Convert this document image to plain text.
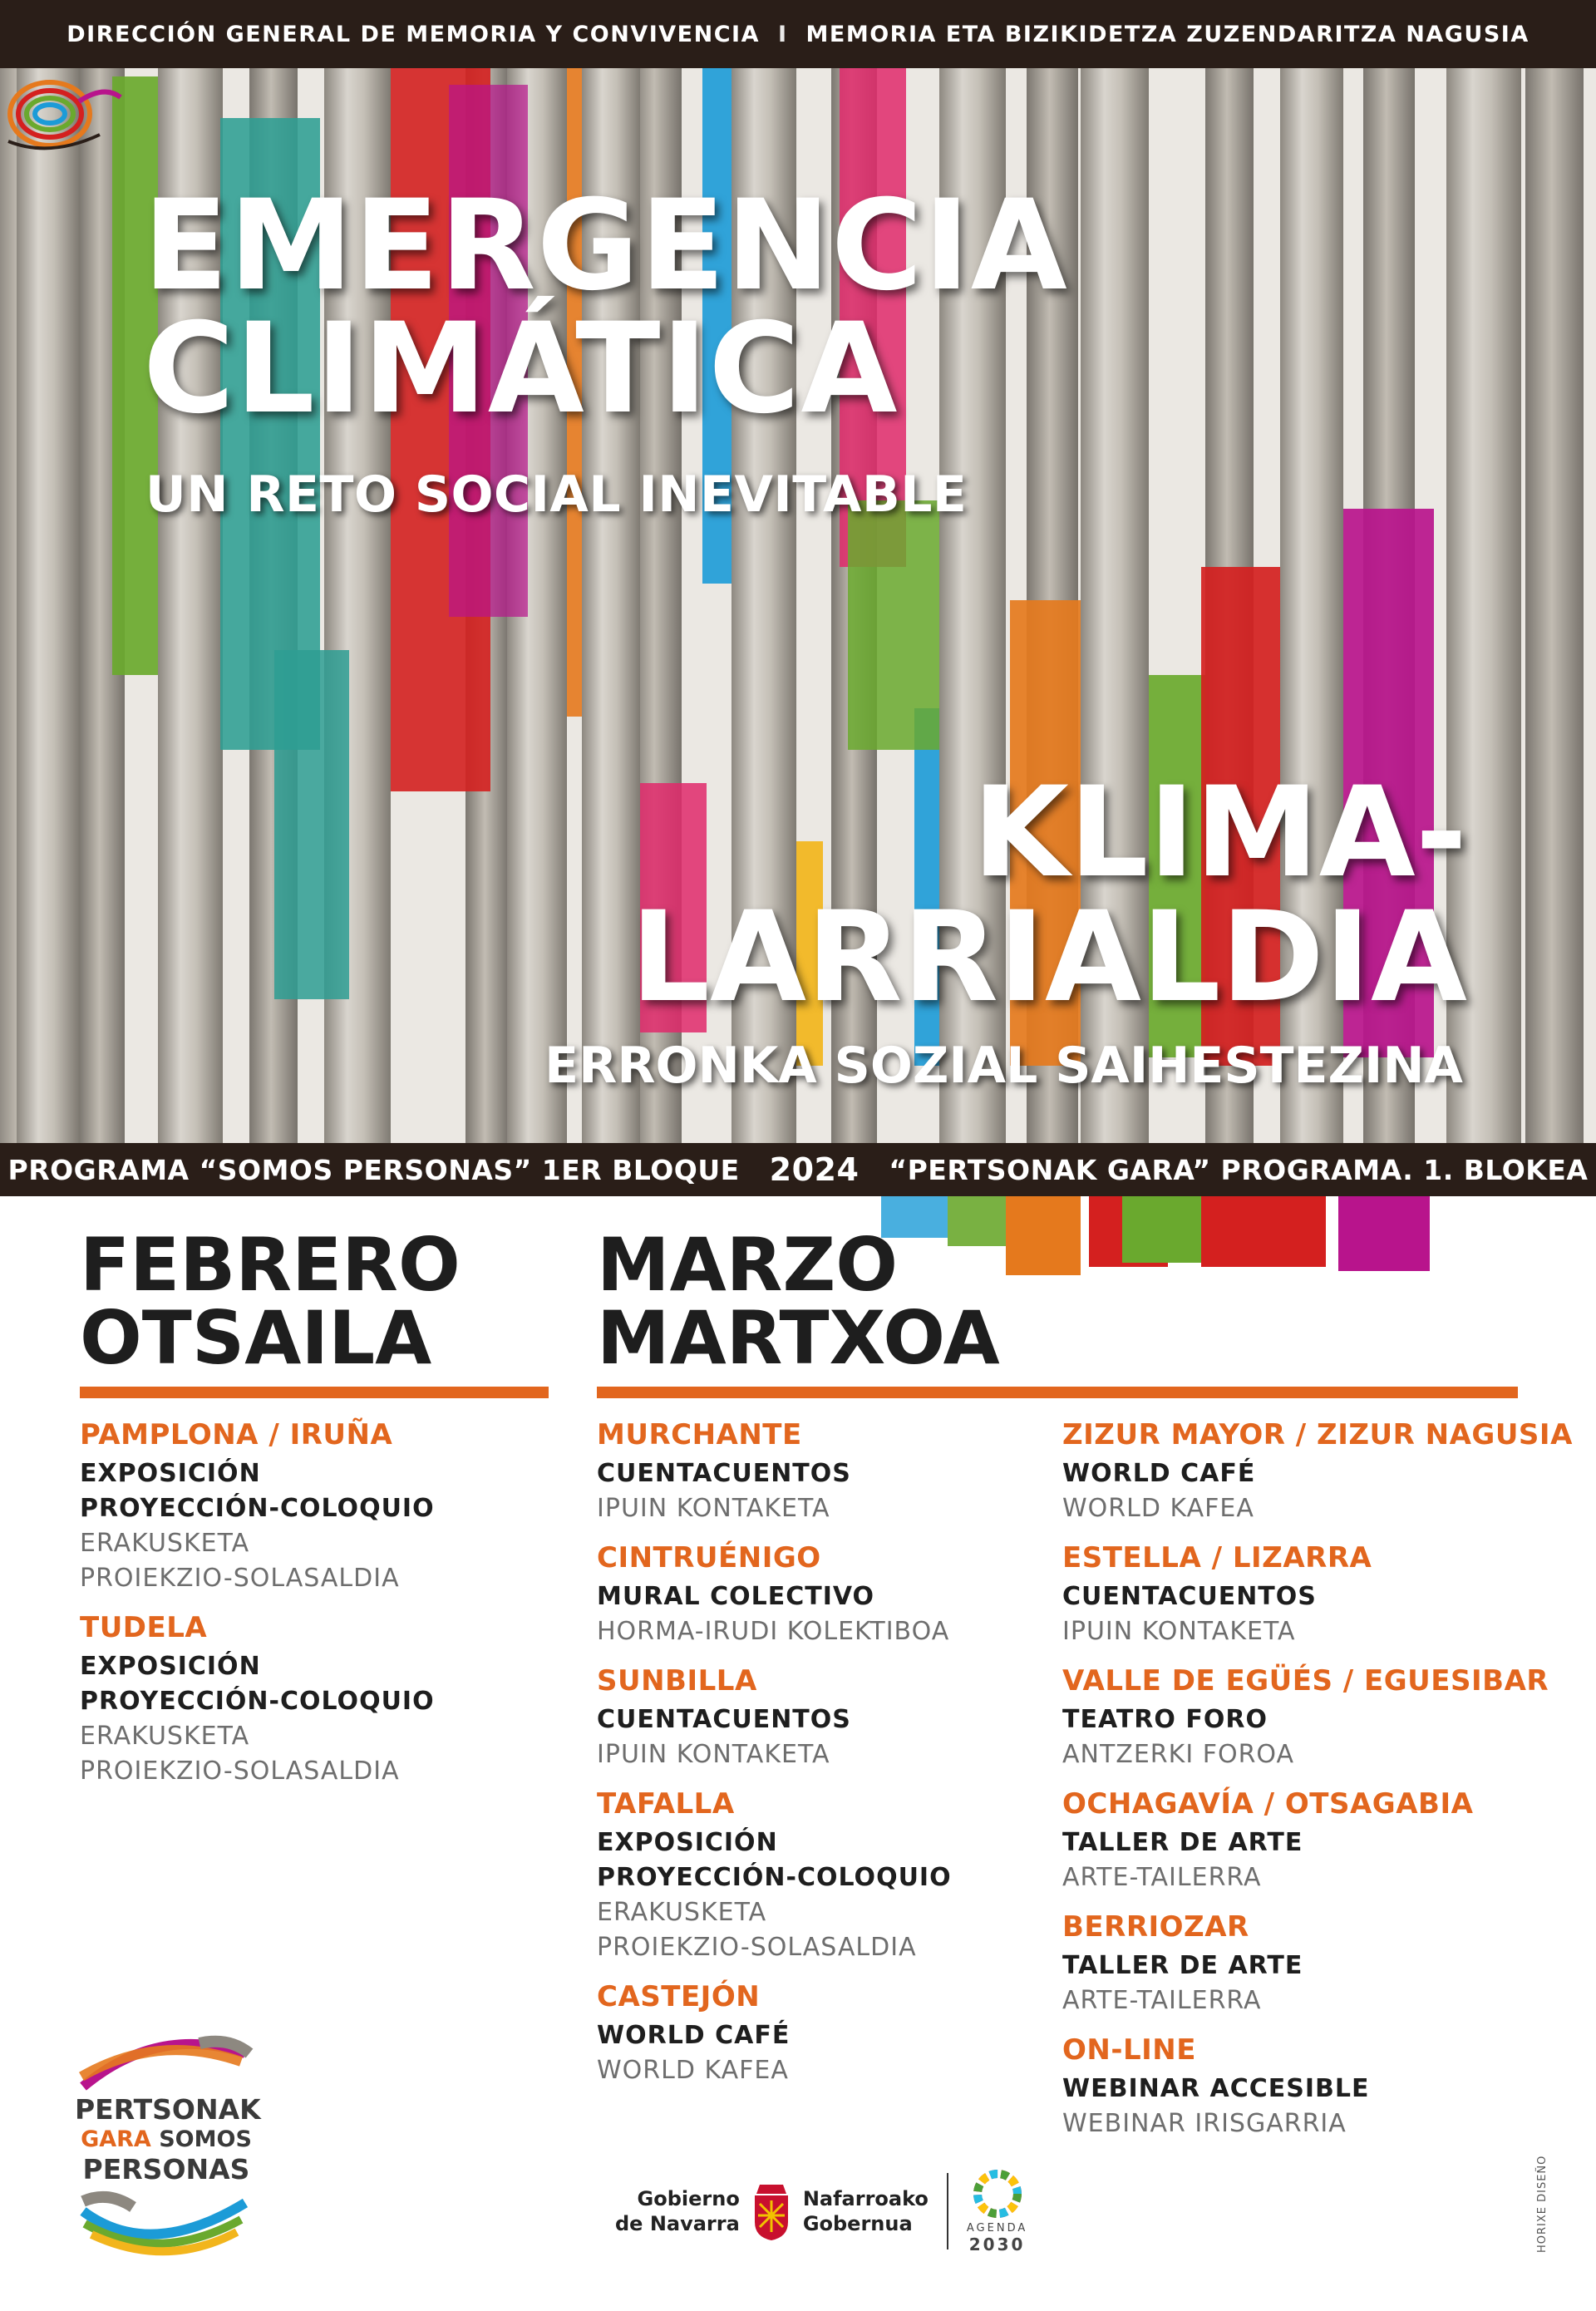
DIRECCIÓN GENERAL DE MEMORIA Y CONVIVENCIA I MEMORIA ETA BIZIKIDETZA ZUZENDARITZA NAGUSIA
EMERGENCIA
CLIMÁTICA
UN RETO SOCIAL INEVITABLE
KLIMA-
LARRIALDIA
ERRONKA SOZIAL SAIHESTEZINA
PROGRAMA “SOMOS PERSONAS” 1ER BLOQUE 2024 “PERTSONAK GARA” PROGRAMA. 1. BLOKEA
FEBRERO
OTSAILA
MARZO
MARTXOA
PAMPLONA / IRUÑA
EXPOSICIÓN
PROYECCIÓN-COLOQUIO
ERAKUSKETA
PROIEKZIO-SOLASALDIA
TUDELA
EXPOSICIÓN
PROYECCIÓN-COLOQUIO
ERAKUSKETA
PROIEKZIO-SOLASALDIA
MURCHANTE
CUENTACUENTOS
IPUIN KONTAKETA
CINTRUÉNIGO
MURAL COLECTIVO
HORMA-IRUDI KOLEKTIBOA
SUNBILLA
CUENTACUENTOS
IPUIN KONTAKETA
TAFALLA
EXPOSICIÓN
PROYECCIÓN-COLOQUIO
ERAKUSKETA
PROIEKZIO-SOLASALDIA
CASTEJÓN
WORLD CAFÉ
WORLD KAFEA
ZIZUR MAYOR / ZIZUR NAGUSIA
WORLD CAFÉ
WORLD KAFEA
ESTELLA / LIZARRA
CUENTACUENTOS
IPUIN KONTAKETA
VALLE DE EGÜÉS / EGUESIBAR
TEATRO FORO
ANTZERKI FOROA
OCHAGAVÍA / OTSAGABIA
TALLER DE ARTE
ARTE-TAILERRA
BERRIOZAR
TALLER DE ARTE
ARTE-TAILERRA
ON-LINE
WEBINAR ACCESIBLE
WEBINAR IRISGARRIA
PERTSONAK
GARA SOMOS
PERSONAS
Gobierno
de Navarra
Nafarroako
Gobernua	AGENDA
2030	HORIXE DISEÑO
